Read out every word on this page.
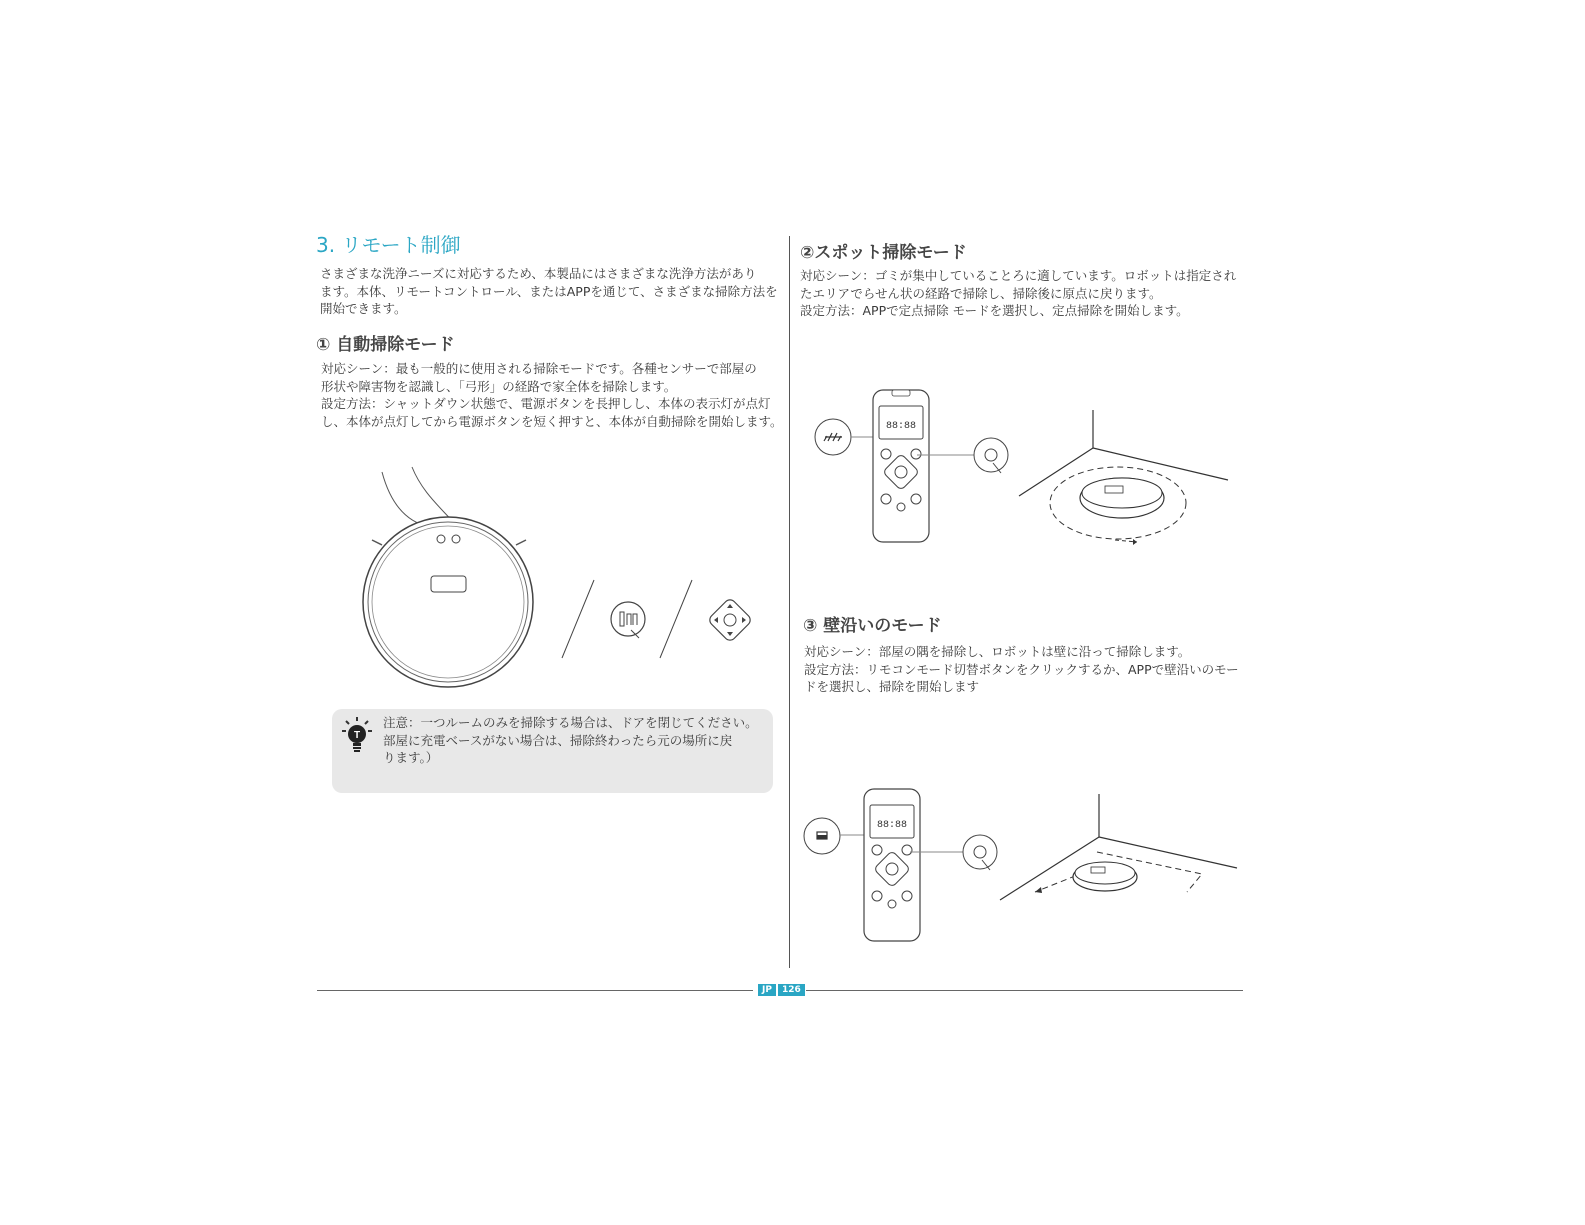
3. リモート制御
さまざまな洗浄ニーズに対応するため、本製品にはさまざまな洗浄方法があり
ます。本体、リモートコントロール、またはAPPを通じて、さまざまな掃除方法を
開始できます。
① 自動掃除モード
対応シーン：最も一般的に使用される掃除モードです。各種センサーで部屋の
形状や障害物を認識し、「弓形」の経路で家全体を掃除します。
設定方法：シャットダウン状態で、電源ボタンを長押しし、本体の表示灯が点灯
し、本体が点灯してから電源ボタンを短く押すと、本体が自動掃除を開始します。
T
注意：一つルームのみを掃除する場合は、ドアを閉じてください。
部屋に充電ベースがない場合は、掃除終わったら元の場所に戻
ります。）
②スポット掃除モード
対応シーン：ゴミが集中していることろに適しています。ロボットは指定され
たエリアでらせん状の経路で掃除し、掃除後に原点に戻ります。
設定方法：APPで定点掃除 モードを選択し、定点掃除を開始します。
88:88
③ 壁沿いのモード
対応シーン：部屋の隅を掃除し、ロボットは壁に沿って掃除します。
設定方法：リモコンモード切替ボタンをクリックするか、APPで壁沿いのモー
ドを選択し、掃除を開始します
88:88
JP	126
